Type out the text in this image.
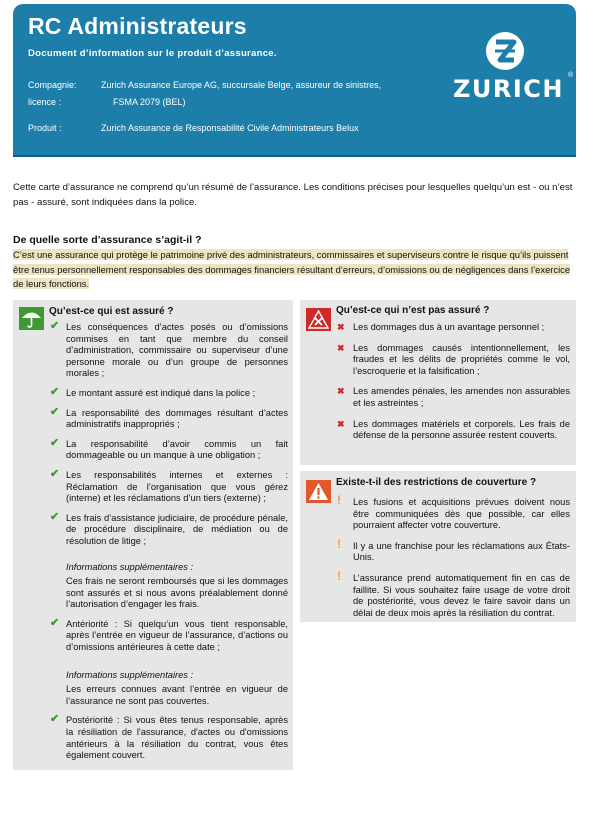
RC Administrateurs
Document d’information sur le produit d’assurance.
Compagnie:	Zurich Assurance Europe AG, succursale Belge, assureur de sinistres,
licence :	FSMA 2079 (BEL)
Produit :	Zurich Assurance de Responsabilité Civile Administrateurs Belux
ZURICH ®
Cette carte d’assurance ne comprend qu’un résumé de l’assurance. Les conditions précises pour lesquelles quelqu’un est - ou n’est pas - assuré, sont indiquées dans la police.
De quelle sorte d’assurance s’agit-il ?
C’est une assurance qui protège le patrimoine privé des administrateurs, commissaires et superviseurs contre le risque qu’ils puissent être tenus personnellement responsables des dommages financiers résultant d’erreurs, d’omissions ou de négligences dans l’exercice de leurs fonctions.
Qu’est-ce qui est assuré ?
✔ Les conséquences d’actes posés ou d’omissions commises en tant que membre du conseil d’administration, commissaire ou superviseur d’une personne morale ou d’un groupe de personnes morales ;
✔ Le montant assuré est indiqué dans la police ;
✔ La responsabilité des dommages résultant d’actes administratifs inappropriés ;
✔ La responsabilité d’avoir commis un fait dommageable ou un manque à une obligation ;
✔ Les responsabilités internes et externes : Réclamation de l’organisation que vous gérez (interne) et les réclamations d’un tiers (externe) ;
✔ Les frais d’assistance judiciaire, de procédure pénale, de procédure disciplinaire, de médiation ou de résolution de litige ;
Informations supplémentaires :
Ces frais ne seront remboursés que si les dommages sont assurés et si nous avons préalablement donné l’autorisation d’engager les frais.
✔ Antériorité : Si quelqu’un vous tient responsable, après l’entrée en vigueur de l’assurance, d’actions ou d’omissions antérieures à cette date ;
Informations supplémentaires :
Les erreurs connues avant l’entrée en vigueur de l’assurance ne sont pas couvertes.
✔ Postériorité : Si vous êtes tenus responsable, après la résiliation de l'assurance, d'actes ou d'omissions antérieurs à la résiliation du contrat, vous êtes également couvert.
Qu’est-ce qui n’est pas assuré ?
✖ Les dommages dus à un avantage personnel ;
✖ Les dommages causés intentionnellement, les fraudes et les délits de propriétés comme le vol, l’escroquerie et la falsification ;
✖ Les amendes pénales, les amendes non assurables et les astreintes ;
✖ Les dommages matériels et corporels. Les frais de défense de la personne assurée restent couverts.
Existe-t-il des restrictions de couverture ?
! Les fusions et acquisitions prévues doivent nous être communiquées dès que possible, car elles pourraient affecter votre couverture.
! Il y a une franchise pour les réclamations aux États-Unis.
! L’assurance prend automatiquement fin en cas de faillite. Si vous souhaitez faire usage de votre droit de postériorité, vous devez le faire savoir dans un délai de deux mois après la résiliation du contrat.
